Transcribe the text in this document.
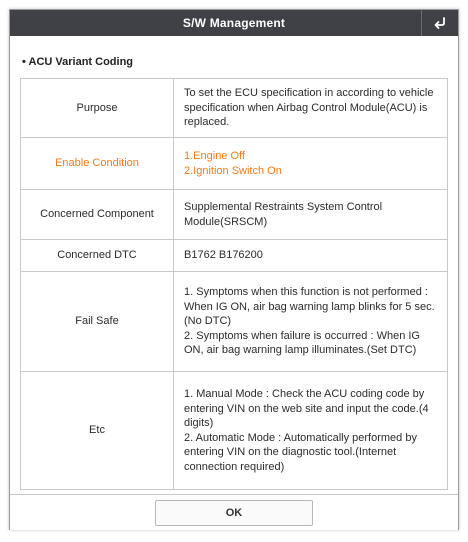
S/W Management
• ACU Variant Coding
Purpose	To set the ECU specification in according to vehicle specification when Airbag Control Module(ACU) is replaced.

Enable Condition	1.Engine Off
2.Ignition Switch On

Concerned Component	Supplemental Restraints System Control Module(SRSCM)

Concerned DTC	B1762 B176200

Fail Safe	1. Symptoms when this function is not performed : When IG ON, air bag warning lamp blinks for 5 sec.(No DTC)
2. Symptoms when failure is occurred : When IG ON, air bag warning lamp illuminates.(Set DTC)

Etc	1. Manual Mode : Check the ACU coding code by entering VIN on the web site and input the code.(4 digits)
2. Automatic Mode : Automatically performed by entering VIN on the diagnostic tool.(Internet connection required)
OK
